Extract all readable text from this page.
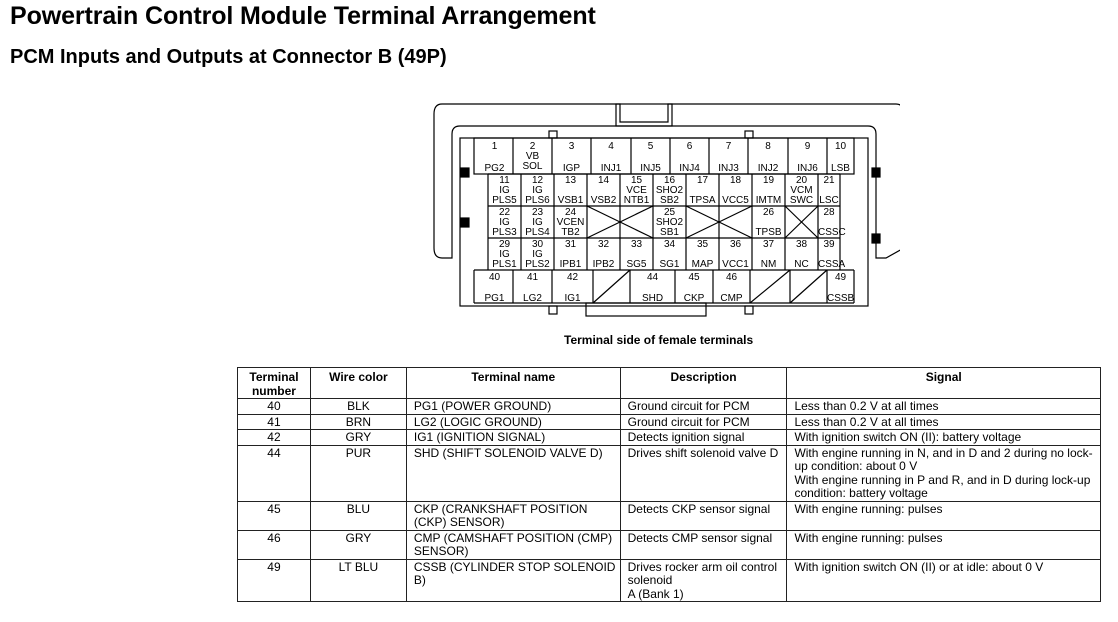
Powertrain Control Module Terminal Arrangement
PCM Inputs and Outputs at Connector B (49P)
1
PG2
2
VB SOL
3
IGP
4
INJ1
5
INJ5
6
INJ4
7
INJ3
8
INJ2
9
INJ6
10
LSB
11
IG PLS5
12
IG PLS6
13
VSB1
14
VSB2
15
VCE NTB1
16
SHO2 SB2
17
TPSA
18
VCC5
19
IMTM
20
VCM SWC
21
LSC
22
IG PLS3
23
IG PLS4
24
VCEN TB2
25
SHO2 SB1
26
TPSB
28
CSSC
29
IG PLS1
30
IG PLS2
31
IPB1
32
IPB2
33
SG5
34
SG1
35
MAP
36
VCC1
37
NM
38
NC
39
CSSA
40
PG1
41
LG2
42
IG1
44
SHD
45
CKP
46
CMP
49
CSSB

Terminal side of female terminals

Terminal number	Wire color	Terminal name	Description	Signal
40	BLK	PG1 (POWER GROUND)	Ground circuit for PCM	Less than 0.2 V at all times
41	BRN	LG2 (LOGIC GROUND)	Ground circuit for PCM	Less than 0.2 V at all times
42	GRY	IG1 (IGNITION SIGNAL)	Detects ignition signal	With ignition switch ON (II): battery voltage
44	PUR	SHD (SHIFT SOLENOID VALVE D)	Drives shift solenoid valve D	With engine running in N, and in D and 2 during no lock-up condition: about 0 V
With engine running in P and R, and in D during lock-up condition: battery voltage
45	BLU	CKP (CRANKSHAFT POSITION (CKP) SENSOR)	Detects CKP sensor signal	With engine running: pulses
46	GRY	CMP (CAMSHAFT POSITION (CMP) SENSOR)	Detects CMP sensor signal	With engine running: pulses
49	LT BLU	CSSB (CYLINDER STOP SOLENOID B)	Drives rocker arm oil control solenoid
A (Bank 1)	With ignition switch ON (II) or at idle: about 0 V
